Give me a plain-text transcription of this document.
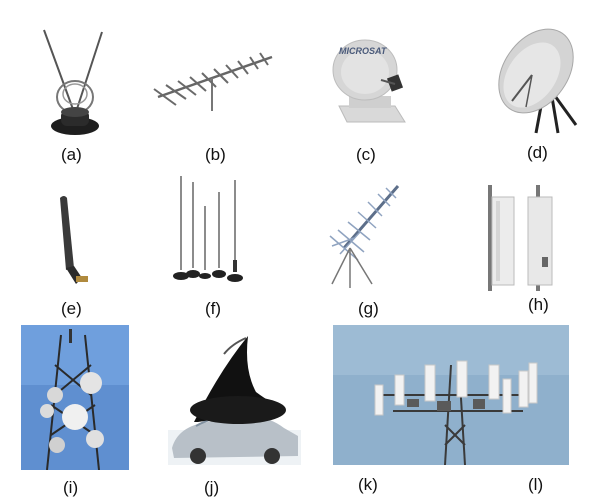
(a)	(b)
MICROSAT
(c)	(d)
(e)	(f)	(g)	(h)
(i)	(j)	(k)	(l)
